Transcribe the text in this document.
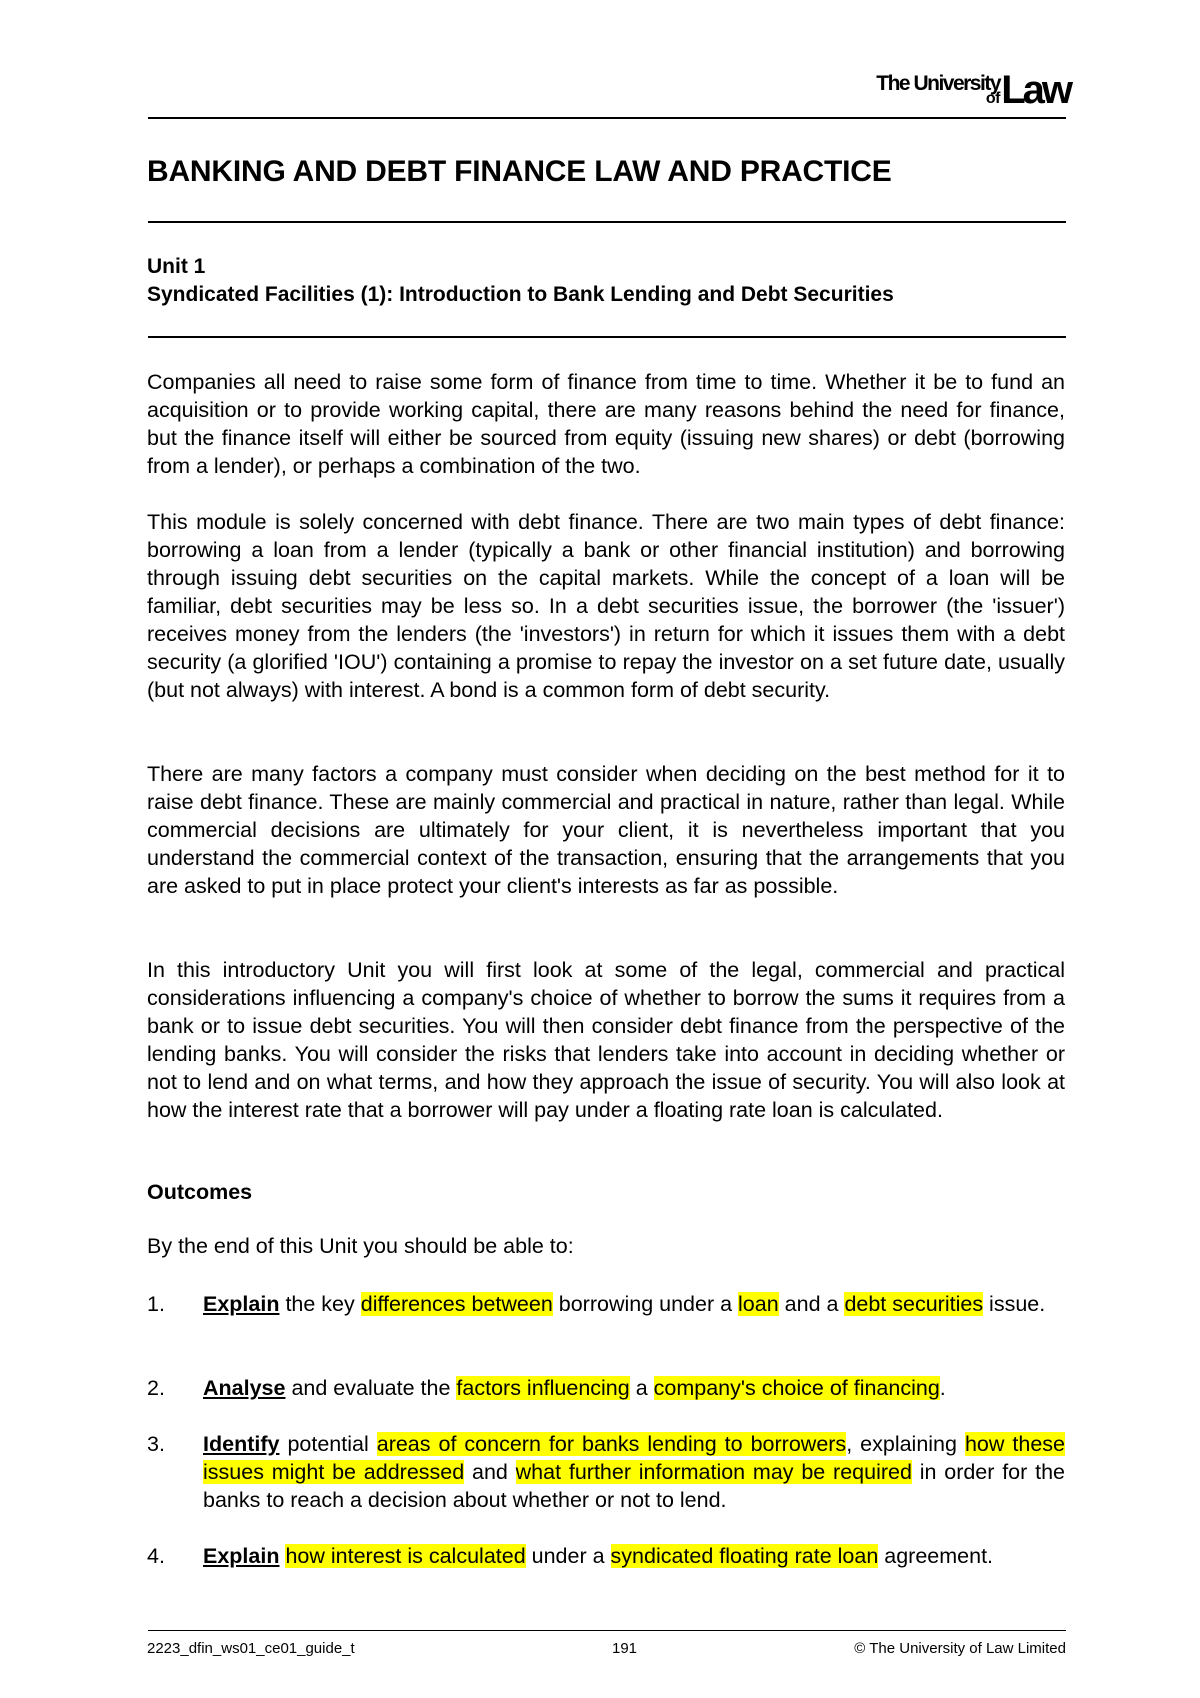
The University
of Law
BANKING AND DEBT FINANCE LAW AND PRACTICE
Unit 1
Syndicated Facilities (1): Introduction to Bank Lending and Debt Securities

Companies all need to raise some form of finance from time to time. Whether it be to fund an acquisition or to provide working capital, there are many reasons behind the need for finance, but the finance itself will either be sourced from equity (issuing new shares) or debt (borrowing from a lender), or perhaps a combination of the two.

This module is solely concerned with debt finance. There are two main types of debt finance: borrowing a loan from a lender (typically a bank or other financial institution) and borrowing through issuing debt securities on the capital markets. While the concept of a loan will be familiar, debt securities may be less so. In a debt securities issue, the borrower (the 'issuer') receives money from the lenders (the 'investors') in return for which it issues them with a debt security (a glorified 'IOU') containing a promise to repay the investor on a set future date, usually (but not always) with interest. A bond is a common form of debt security.

There are many factors a company must consider when deciding on the best method for it to raise debt finance. These are mainly commercial and practical in nature, rather than legal. While commercial decisions are ultimately for your client, it is nevertheless important that you understand the commercial context of the transaction, ensuring that the arrangements that you are asked to put in place protect your client's interests as far as possible.

In this introductory Unit you will first look at some of the legal, commercial and practical considerations influencing a company's choice of whether to borrow the sums it requires from a bank or to issue debt securities. You will then consider debt finance from the perspective of the lending banks. You will consider the risks that lenders take into account in deciding whether or not to lend and on what terms, and how they approach the issue of security. You will also look at how the interest rate that a borrower will pay under a floating rate loan is calculated.

Outcomes
By the end of this Unit you should be able to:
1. Explain the key differences between borrowing under a loan and a debt securities issue.
2. Analyse and evaluate the factors influencing a company's choice of financing.
3. Identify potential areas of concern for banks lending to borrowers, explaining how these issues might be addressed and what further information may be required in order for the banks to reach a decision about whether or not to lend.
4. Explain how interest is calculated under a syndicated floating rate loan agreement.
2223_dfin_ws01_ce01_guide_t	191	© The University of Law Limited
